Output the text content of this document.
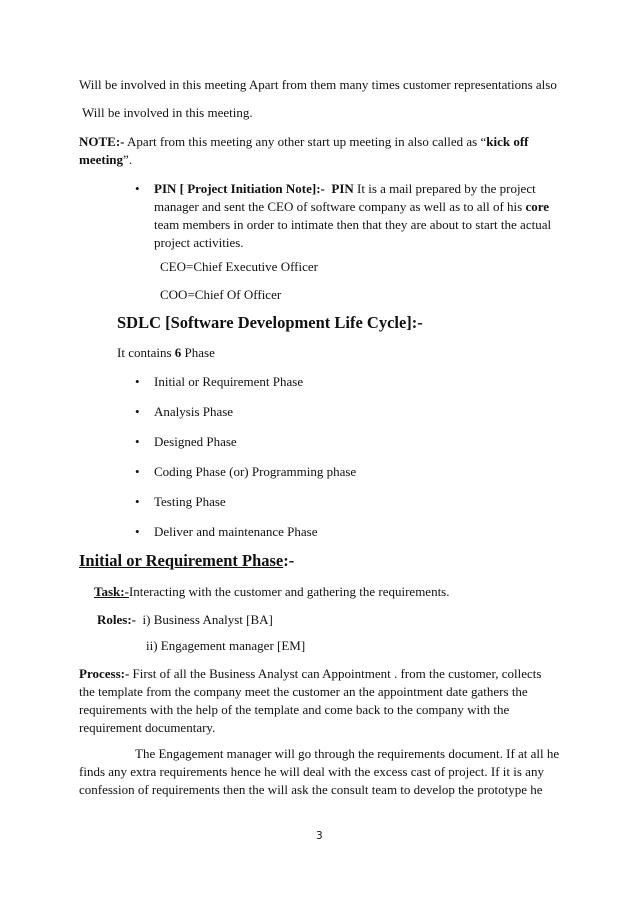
Will be involved in this meeting Apart from them many times customer representations also
Will be involved in this meeting.
NOTE:- Apart from this meeting any other start up meeting in also called as “kick off meeting”.
• PIN [ Project Initiation Note]:- PIN It is a mail prepared by the project manager and sent the CEO of software company as well as to all of his core team members in order to intimate then that they are about to start the actual project activities.
CEO=Chief Executive Officer
COO=Chief Of Officer
SDLC [Software Development Life Cycle]:-
It contains 6 Phase
• Initial or Requirement Phase
• Analysis Phase
• Designed Phase
• Coding Phase (or) Programming phase
• Testing Phase
• Deliver and maintenance Phase
Initial or Requirement Phase:-
Task:-Interacting with the customer and gathering the requirements.
Roles:-  i) Business Analyst [BA]
ii) Engagement manager [EM]
Process:- First of all the Business Analyst can Appointment . from the customer, collects the template from the company meet the customer an the appointment date gathers the requirements with the help of the template and come back to the company with the requirement documentary.
The Engagement manager will go through the requirements document. If at all he finds any extra requirements hence he will deal with the excess cast of project. If it is any confession of requirements then the will ask the consult team to develop the prototype he
3
